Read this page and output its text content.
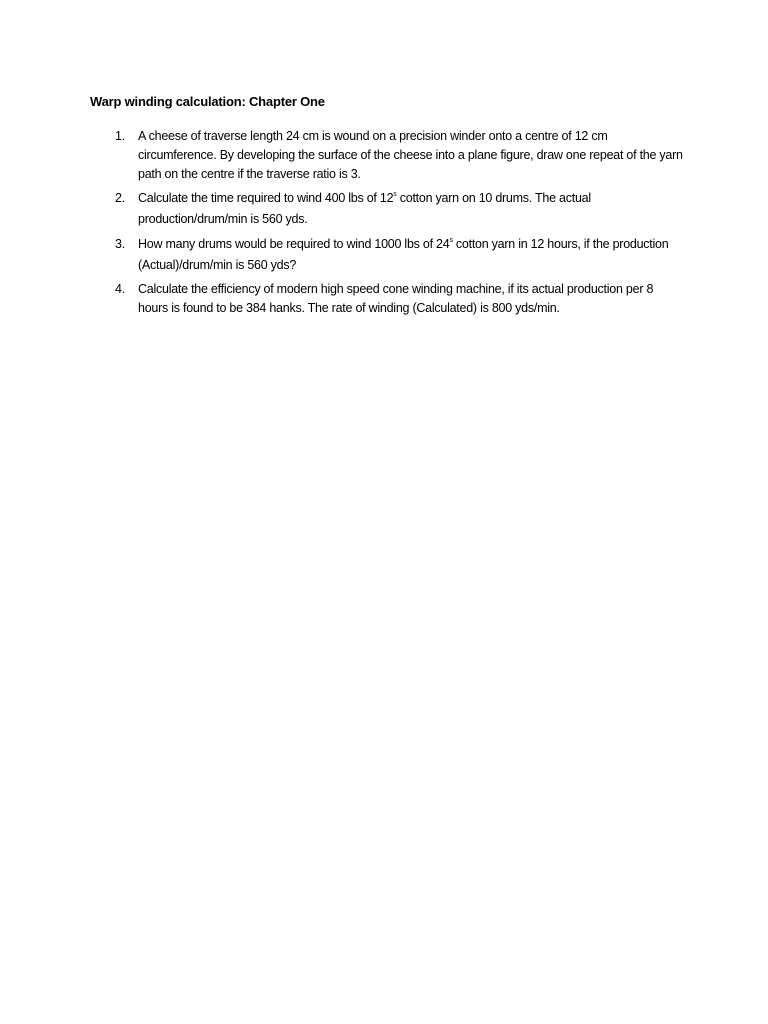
Warp winding calculation: Chapter One
1. A cheese of traverse length 24 cm is wound on a precision winder onto a centre of 12 cm circumference. By developing the surface of the cheese into a plane figure, draw one repeat of the yarn path on the centre if the traverse ratio is 3.
2. Calculate the time required to wind 400 lbs of 12$^s$ cotton yarn on 10 drums. The actual production/drum/min is 560 yds.
3. How many drums would be required to wind 1000 lbs of 24$^s$ cotton yarn in 12 hours, if the production (Actual)/drum/min is 560 yds?
4. Calculate the efficiency of modern high speed cone winding machine, if its actual production per 8 hours is found to be 384 hanks. The rate of winding (Calculated) is 800 yds/min.
